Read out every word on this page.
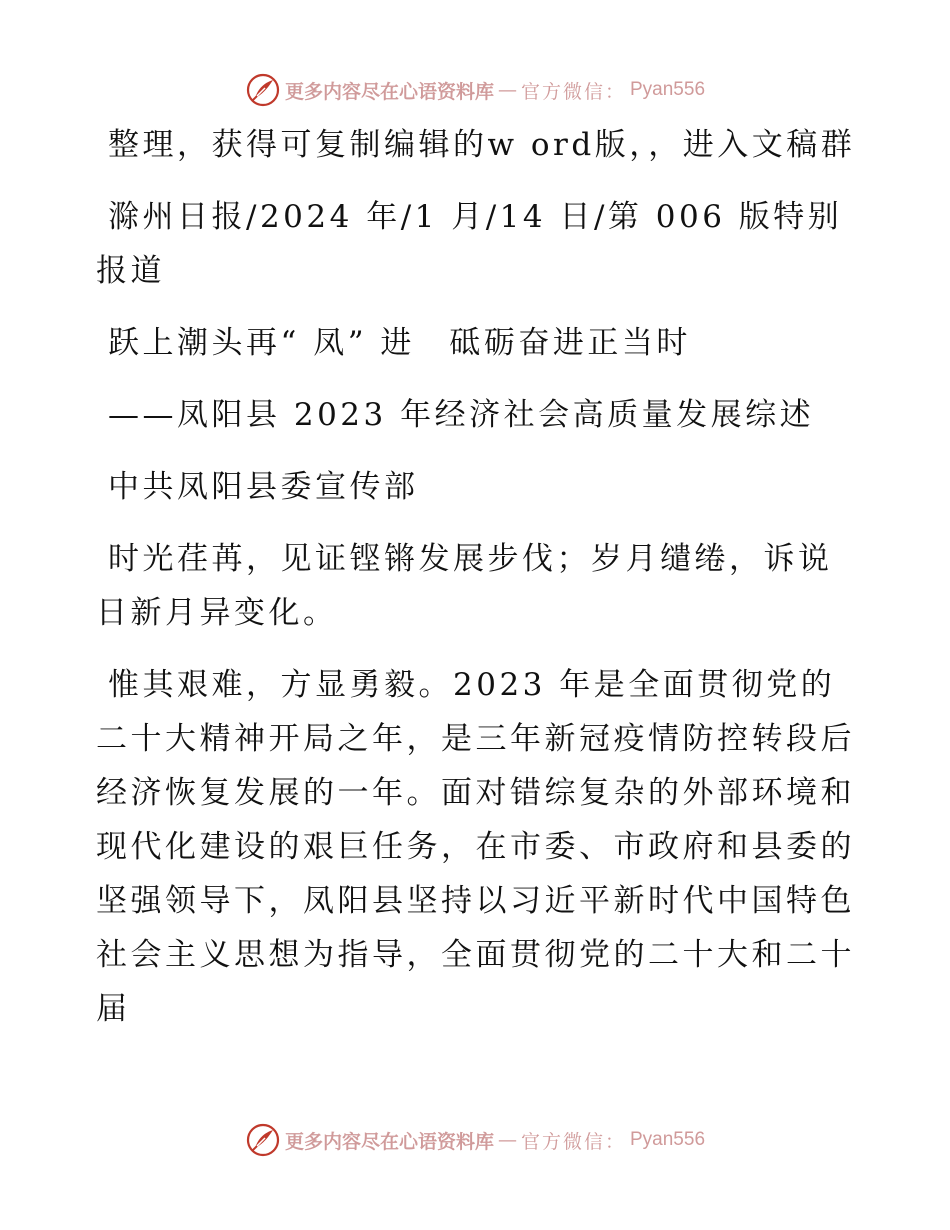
更多内容尽在心语资料库 — 官方微信： Pyan556

整理，获得可复制编辑的w ord版，，进入文稿群

滁州日报/2024 年/1 月/14 日/第 006 版特别报道

跃上潮头再“ 凤” 进　砥砺奋进正当时

——凤阳县 2023 年经济社会高质量发展综述

中共凤阳县委宣传部

时光荏苒，见证铿锵发展步伐；岁月缱绻，诉说日新月异变化。

惟其艰难，方显勇毅。2023 年是全面贯彻党的二十大精神开局之年，是三年新冠疫情防控转段后经济恢复发展的一年。面对错综复杂的外部环境和现代化建设的艰巨任务，在市委、市政府和县委的坚强领导下，凤阳县坚持以习近平新时代中国特色社会主义思想为指导，全面贯彻党的二十大和二十届

更多内容尽在心语资料库 — 官方微信： Pyan556
